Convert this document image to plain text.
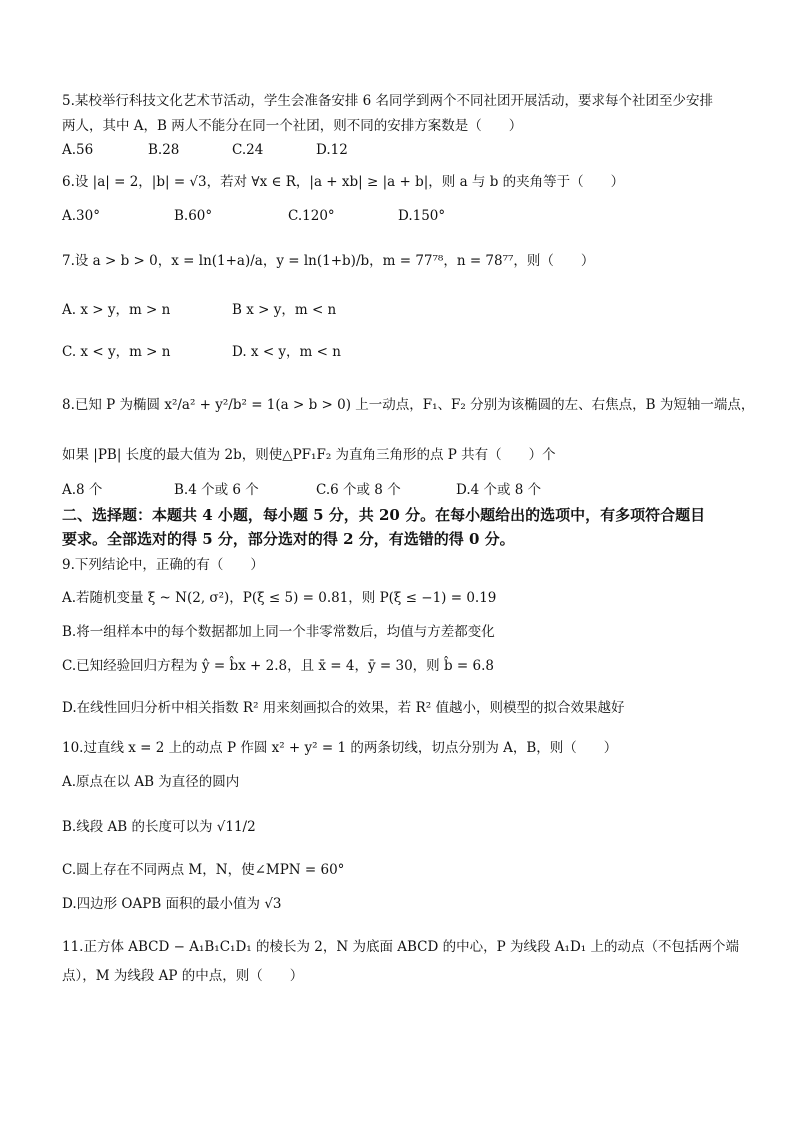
5.某校举行科技文化艺术节活动，学生会准备安排 6 名同学到两个不同社团开展活动，要求每个社团至少安排
两人，其中 A，B 两人不能分在同一个社团，则不同的安排方案数是（　　）
A.56	B.28	C.24	D.12
6.设 |a| = 2，|b| = √3，若对 ∀x ∈ R，|a + xb| ≥ |a + b|，则 a 与 b 的夹角等于（　　）
A.30°	B.60°	C.120°	D.150°
7.设 a > b > 0，x = ln(1+a)/a，y = ln(1+b)/b，m = 77⁷⁸，n = 78⁷⁷，则（　　）
A. x > y，m > n	B x > y，m < n
C. x < y，m > n	D. x < y，m < n
8.已知 P 为椭圆 x²/a² + y²/b² = 1(a > b > 0) 上一动点，F₁、F₂ 分别为该椭圆的左、右焦点，B 为短轴一端点，
如果 |PB| 长度的最大值为 2b，则使△PF₁F₂ 为直角三角形的点 P 共有（　　）个
A.8 个	B.4 个或 6 个	C.6 个或 8 个	D.4 个或 8 个
二、选择题：本题共 4 小题，每小题 5 分，共 20 分。在每小题给出的选项中，有多项符合题目
要求。全部选对的得 5 分，部分选对的得 2 分，有选错的得 0 分。
9.下列结论中，正确的有（　　）
A.若随机变量 ξ ~ N(2, σ²)，P(ξ ≤ 5) = 0.81，则 P(ξ ≤ −1) = 0.19
B.将一组样本中的每个数据都加上同一个非零常数后，均值与方差都变化
C.已知经验回归方程为 ŷ = b̂x + 2.8，且 x̄ = 4，ȳ = 30，则 b̂ = 6.8
D.在线性回归分析中相关指数 R² 用来刻画拟合的效果，若 R² 值越小，则模型的拟合效果越好
10.过直线 x = 2 上的动点 P 作圆 x² + y² = 1 的两条切线，切点分别为 A，B，则（　　）
A.原点在以 AB 为直径的圆内
B.线段 AB 的长度可以为 √11/2
C.圆上存在不同两点 M，N，使∠MPN = 60°
D.四边形 OAPB 面积的最小值为 √3
11.正方体 ABCD − A₁B₁C₁D₁ 的棱长为 2，N 为底面 ABCD 的中心，P 为线段 A₁D₁ 上的动点（不包括两个端
点），M 为线段 AP 的中点，则（　　）
